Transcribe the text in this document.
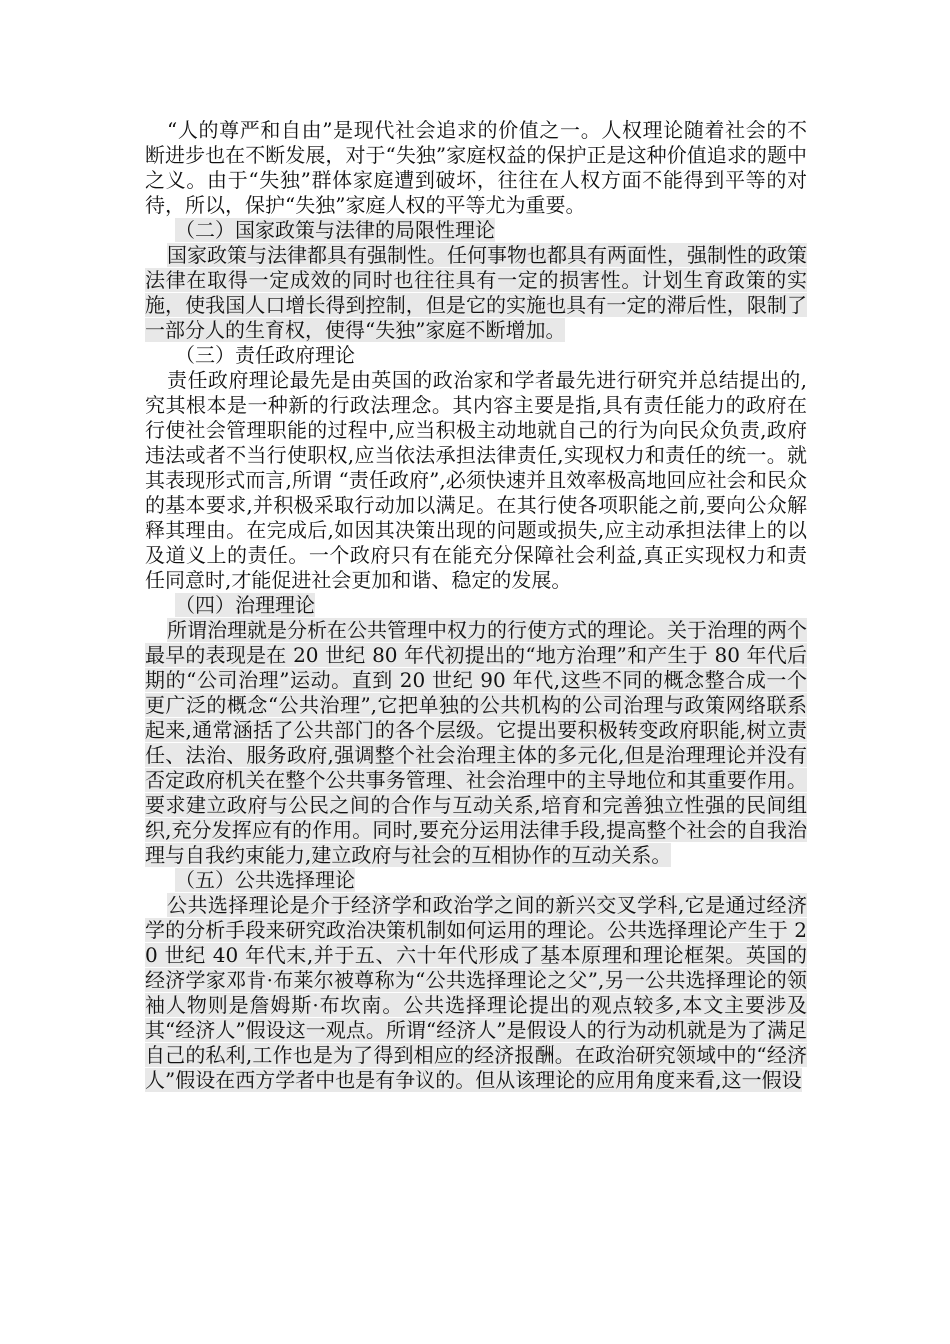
“人的尊严和自由”是现代社会追求的价值之一。人权理论随着社会的不断进步也在不断发展，对于“失独”家庭权益的保护正是这种价值追求的题中之义。由于“失独”群体家庭遭到破坏，往往在人权方面不能得到平等的对待，所以，保护“失独”家庭人权的平等尤为重要。

（二）国家政策与法律的局限性理论

国家政策与法律都具有强制性。任何事物也都具有两面性，强制性的政策法律在取得一定成效的同时也往往具有一定的损害性。计划生育政策的实施，使我国人口增长得到控制，但是它的实施也具有一定的滞后性，限制了一部分人的生育权，使得“失独”家庭不断增加。

（三）责任政府理论

责任政府理论最先是由英国的政治家和学者最先进行研究并总结提出的,究其根本是一种新的行政法理念。其内容主要是指,具有责任能力的政府在行使社会管理职能的过程中,应当积极主动地就自己的行为向民众负责,政府违法或者不当行使职权,应当依法承担法律责任,实现权力和责任的统一。就其表现形式而言,所谓 “责任政府”,必须快速并且效率极高地回应社会和民众的基本要求,并积极采取行动加以满足。在其行使各项职能之前,要向公众解释其理由。在完成后,如因其决策出现的问题或损失,应主动承担法律上的以及道义上的责任。一个政府只有在能充分保障社会利益,真正实现权力和责任同意时,才能促进社会更加和谐、稳定的发展。

（四）治理理论

所谓治理就是分析在公共管理中权力的行使方式的理论。关于治理的两个最早的表现是在 20 世纪 80 年代初提出的“地方治理”和产生于 80 年代后期的“公司治理”运动。直到 20 世纪 90 年代,这些不同的概念整合成一个更广泛的概念“公共治理”,它把单独的公共机构的公司治理与政策网络联系起来,通常涵括了公共部门的各个层级。它提出要积极转变政府职能,树立责任、法治、服务政府,强调整个社会治理主体的多元化,但是治理理论并没有否定政府机关在整个公共事务管理、社会治理中的主导地位和其重要作用。要求建立政府与公民之间的合作与互动关系,培育和完善独立性强的民间组织,充分发挥应有的作用。同时,要充分运用法律手段,提高整个社会的自我治理与自我约束能力,建立政府与社会的互相协作的互动关系。

（五）公共选择理论

公共选择理论是介于经济学和政治学之间的新兴交叉学科,它是通过经济学的分析手段来研究政治决策机制如何运用的理论。公共选择理论产生于 20 世纪 40 年代末,并于五、六十年代形成了基本原理和理论框架。英国的经济学家邓肯·布莱尔被尊称为“公共选择理论之父”,另一公共选择理论的领袖人物则是詹姆斯·布坎南。公共选择理论提出的观点较多,本文主要涉及其“经济人”假设这一观点。所谓“经济人”是假设人的行为动机就是为了满足自己的私利,工作也是为了得到相应的经济报酬。在政治研究领域中的“经济人”假设在西方学者中也是有争议的。但从该理论的应用角度来看,这一假设
